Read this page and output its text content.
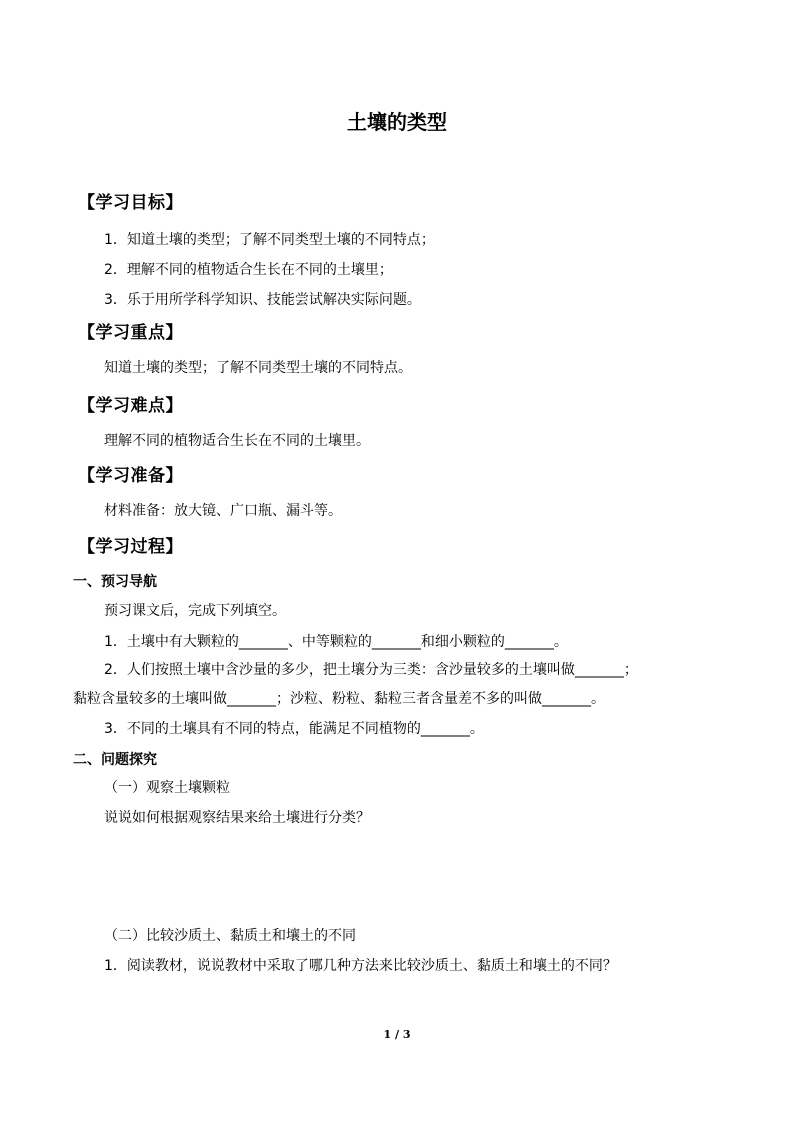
土壤的类型
【学习目标】
1．知道土壤的类型；了解不同类型土壤的不同特点；
2．理解不同的植物适合生长在不同的土壤里；
3．乐于用所学科学知识、技能尝试解决实际问题。
【学习重点】
知道土壤的类型；了解不同类型土壤的不同特点。
【学习难点】
理解不同的植物适合生长在不同的土壤里。
【学习准备】
材料准备：放大镜、广口瓶、漏斗等。
【学习过程】
一、预习导航
预习课文后，完成下列填空。
1．土壤中有大颗粒的_______、中等颗粒的_______和细小颗粒的_______。
2．人们按照土壤中含沙量的多少，把土壤分为三类：含沙量较多的土壤叫做_______；
黏粒含量较多的土壤叫做_______；沙粒、粉粒、黏粒三者含量差不多的叫做_______。
3．不同的土壤具有不同的特点，能满足不同植物的_______。
二、问题探究
（一）观察土壤颗粒
说说如何根据观察结果来给土壤进行分类？
（二）比较沙质土、黏质土和壤土的不同
1．阅读教材，说说教材中采取了哪几种方法来比较沙质土、黏质土和壤土的不同？
1 / 3
